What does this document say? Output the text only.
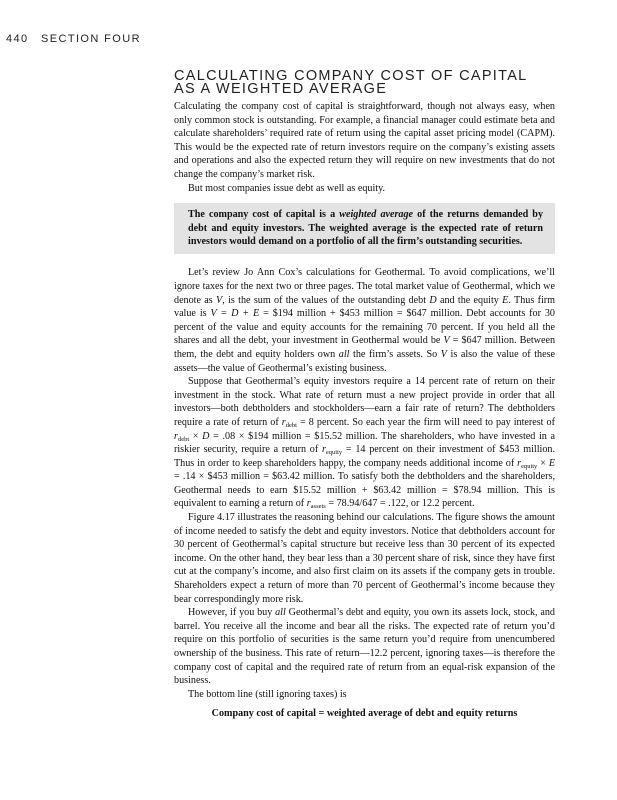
440 SECTION FOUR
CALCULATING COMPANY COST OF CAPITAL
AS A WEIGHTED AVERAGE

Calculating the company cost of capital is straightforward, though not always easy, when only common stock is outstanding. For example, a financial manager could estimate beta and calculate shareholders’ required rate of return using the capital asset pricing model (CAPM). This would be the expected rate of return investors require on the company’s existing assets and operations and also the expected return they will require on new investments that do not change the company’s market risk.

But most companies issue debt as well as equity.

The company cost of capital is a weighted average of the returns demanded by debt and equity investors. The weighted average is the expected rate of return investors would demand on a portfolio of all the firm’s outstanding securities.

Let’s review Jo Ann Cox’s calculations for Geothermal. To avoid complications, we’ll ignore taxes for the next two or three pages. The total market value of Geothermal, which we denote as V, is the sum of the values of the outstanding debt D and the equity E. Thus firm value is V = D + E = $194 million + $453 million = $647 million. Debt accounts for 30 percent of the value and equity accounts for the remaining 70 percent. If you held all the shares and all the debt, your investment in Geothermal would be V = $647 million. Between them, the debt and equity holders own all the firm’s assets. So V is also the value of these assets—the value of Geothermal’s existing business.

Suppose that Geothermal’s equity investors require a 14 percent rate of return on their investment in the stock. What rate of return must a new project provide in order that all investors—both debtholders and stockholders—earn a fair rate of return? The debtholders require a rate of return of $r_{debt} = 8$ percent. So each year the firm will need to pay interest of $r_{debt} \times D = .08$ × $194 million = $15.52 million. The shareholders, who have invested in a riskier security, require a return of $r_{equity} = 14$ percent on their investment of $453 million. Thus in order to keep shareholders happy, the company needs additional income of $r_{equity} \times E = .14$ × $453 million = $63.42 million. To satisfy both the debtholders and the shareholders, Geothermal needs to earn $15.52 million + $63.42 million = $78.94 million. This is equivalent to earning a return of $r_{assets} = 78.94/647 = .122$, or 12.2 percent.

Figure 4.17 illustrates the reasoning behind our calculations. The figure shows the amount of income needed to satisfy the debt and equity investors. Notice that debtholders account for 30 percent of Geothermal’s capital structure but receive less than 30 percent of its expected income. On the other hand, they bear less than a 30 percent share of risk, since they have first cut at the company’s income, and also first claim on its assets if the company gets in trouble. Shareholders expect a return of more than 70 percent of Geothermal’s income because they bear correspondingly more risk.

However, if you buy all Geothermal’s debt and equity, you own its assets lock, stock, and barrel. You receive all the income and bear all the risks. The expected rate of return you’d require on this portfolio of securities is the same return you’d require from unencumbered ownership of the business. This rate of return—12.2 percent, ignoring taxes—is therefore the company cost of capital and the required rate of return from an equal-risk expansion of the business.

The bottom line (still ignoring taxes) is

Company cost of capital = weighted average of debt and equity returns
